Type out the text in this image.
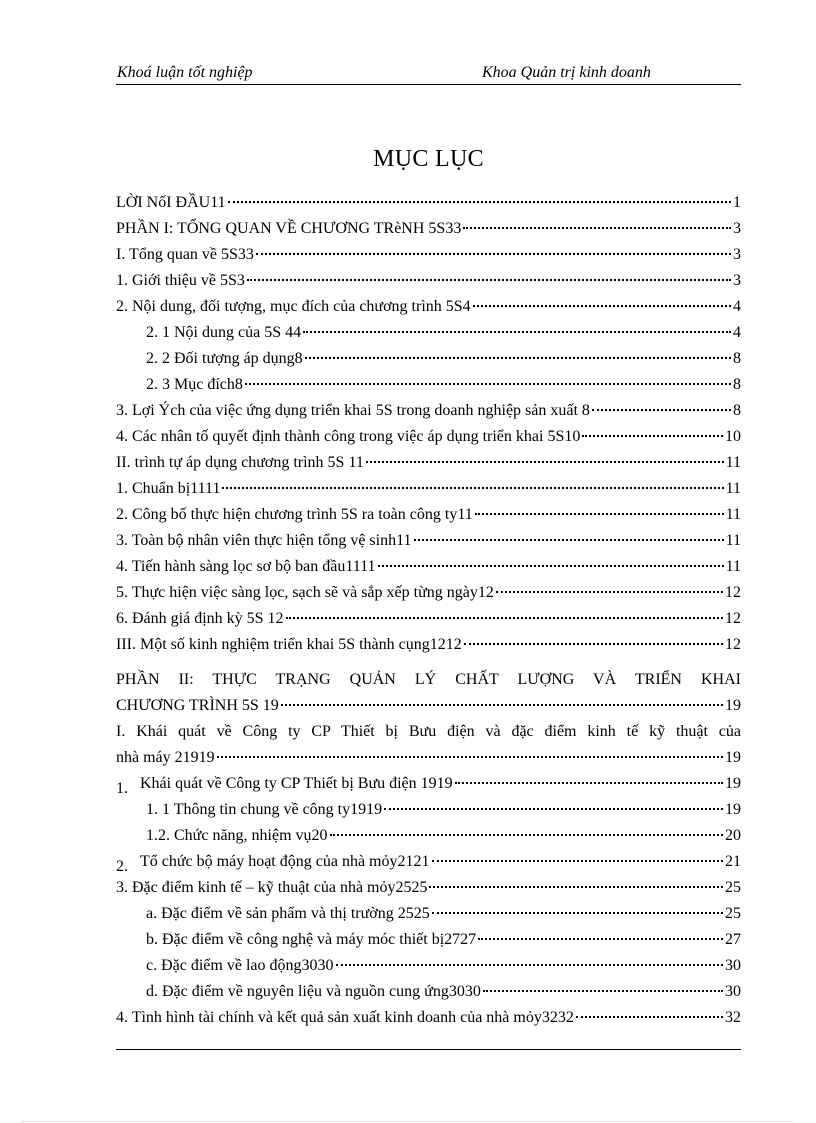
Khoá luận tốt nghiệp	Khoa Quản trị kinh doanh
MỤC LỤC
LỜI NốI ĐẦU11	1
PHẦN I: TỔNG QUAN VỀ CHƯƠNG TRèNH 5S33	3
I. Tổng quan về 5S33	3
1. Giới thiệu về 5S3	3
2. Nội dung, đối tượng, mục đích của chương trình 5S4	4
2. 1 Nội dung của 5S 44	4
2. 2 Đối tượng áp dụng8	8
2. 3 Mục đích8	8
3. Lợi Ých của việc ứng dụng triển khai 5S trong doanh nghiệp sản xuất 8	8
4. Các nhân tố quyết định thành công trong việc áp dụng triển khai 5S10	10
II. trình tự áp dụng chương trình 5S 11	11
1. Chuẩn bị1111	11
2. Công bố thực hiện chương trình 5S ra toàn công ty11	11
3. Toàn bộ nhân viên thực hiện tổng vệ sinh11	11
4. Tiến hành sàng lọc sơ bộ ban đầu1111	11
5. Thực hiện việc sàng lọc, sạch sẽ và sắp xếp từng ngày12	12
6. Đánh giá định kỳ 5S 12	12
III. Một số kinh nghiệm triển khai 5S thành cụng1212	12
PHẦN II: THỰC TRẠNG QUẢN LÝ CHẤT LƯỢNG VÀ TRIỂN KHAI
CHƯƠNG TRÌNH 5S 19	19
I. Khái quát về Công ty CP Thiết bị Bưu điện và đặc điểm kinh tế kỹ thuật của
nhà máy 21919	19
1. Khái quát về Công ty CP Thiết bị Bưu điện 1919	19
1. 1 Thông tin chung về công ty1919	19
1.2. Chức năng, nhiệm vụ20	20
2. Tổ chức bộ máy hoạt động của nhà mỏy2121	21
3. Đặc điểm kinh tế – kỹ thuật của nhà mỏy2525	25
a. Đặc điểm về sản phẩm và thị trường 2525	25
b. Đặc điểm về công nghệ và máy móc thiết bị2727	27
c. Đặc điểm về lao động3030	30
d. Đặc điểm về nguyên liệu và nguồn cung ứng3030	30
4. Tình hình tài chính và kết quả sản xuất kinh doanh của nhà mỏy3232	32
